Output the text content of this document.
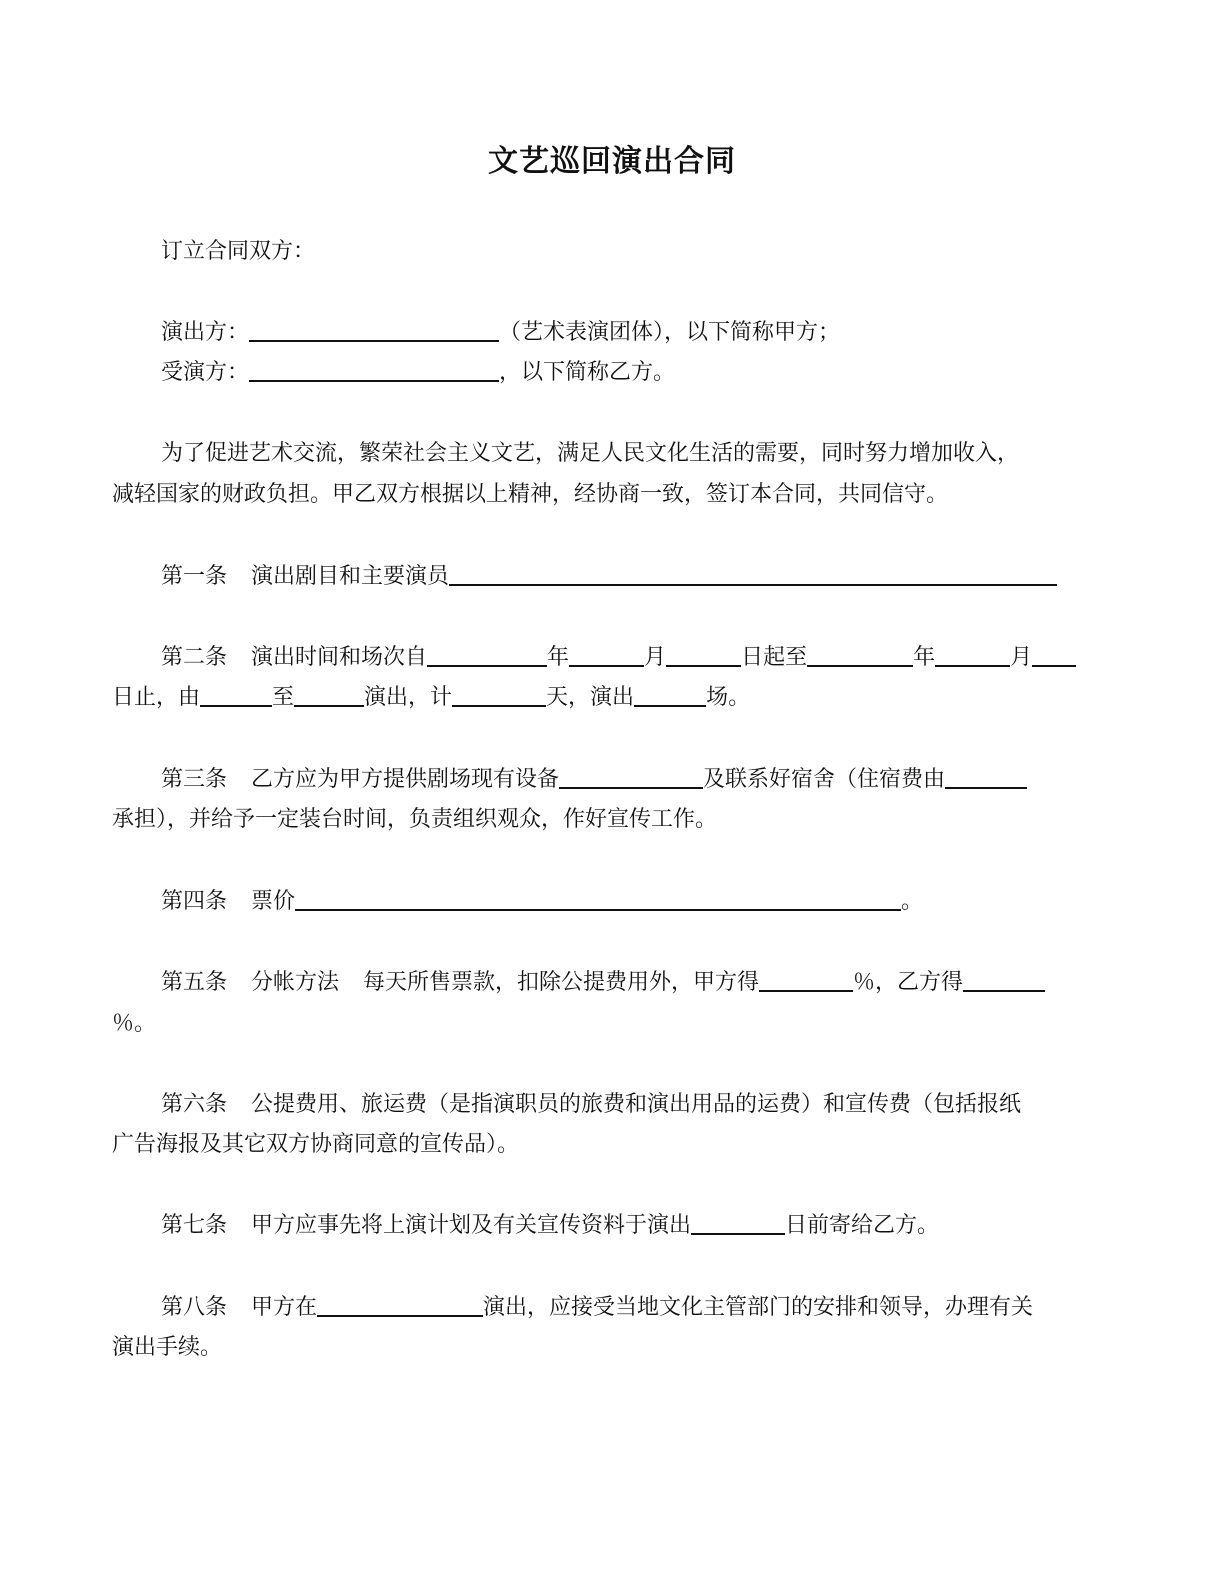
文艺巡回演出合同
订立合同双方：
演出方：	（艺术表演团体），以下简称甲方；
受演方：	，以下简称乙方。
为了促进艺术交流，繁荣社会主义文艺，满足人民文化生活的需要，同时努力增加收入，
减轻国家的财政负担。甲乙双方根据以上精神，经协商一致，签订本合同，共同信守。
第一条 演出剧目和主要演员
第二条 演出时间和场次自	年	月	日起至	年	月
日止，由	至	演出，计	天，演出	场。
第三条 乙方应为甲方提供剧场现有设备	及联系好宿舍（住宿费由
承担），并给予一定装台时间，负责组织观众，作好宣传工作。
第四条 票价	。
第五条 分帐方法 每天所售票款，扣除公提费用外，甲方得	％，乙方得
％。
第六条 公提费用、旅运费（是指演职员的旅费和演出用品的运费）和宣传费（包括报纸
广告海报及其它双方协商同意的宣传品）。
第七条 甲方应事先将上演计划及有关宣传资料于演出	日前寄给乙方。
第八条 甲方在	演出，应接受当地文化主管部门的安排和领导，办理有关
演出手续。
